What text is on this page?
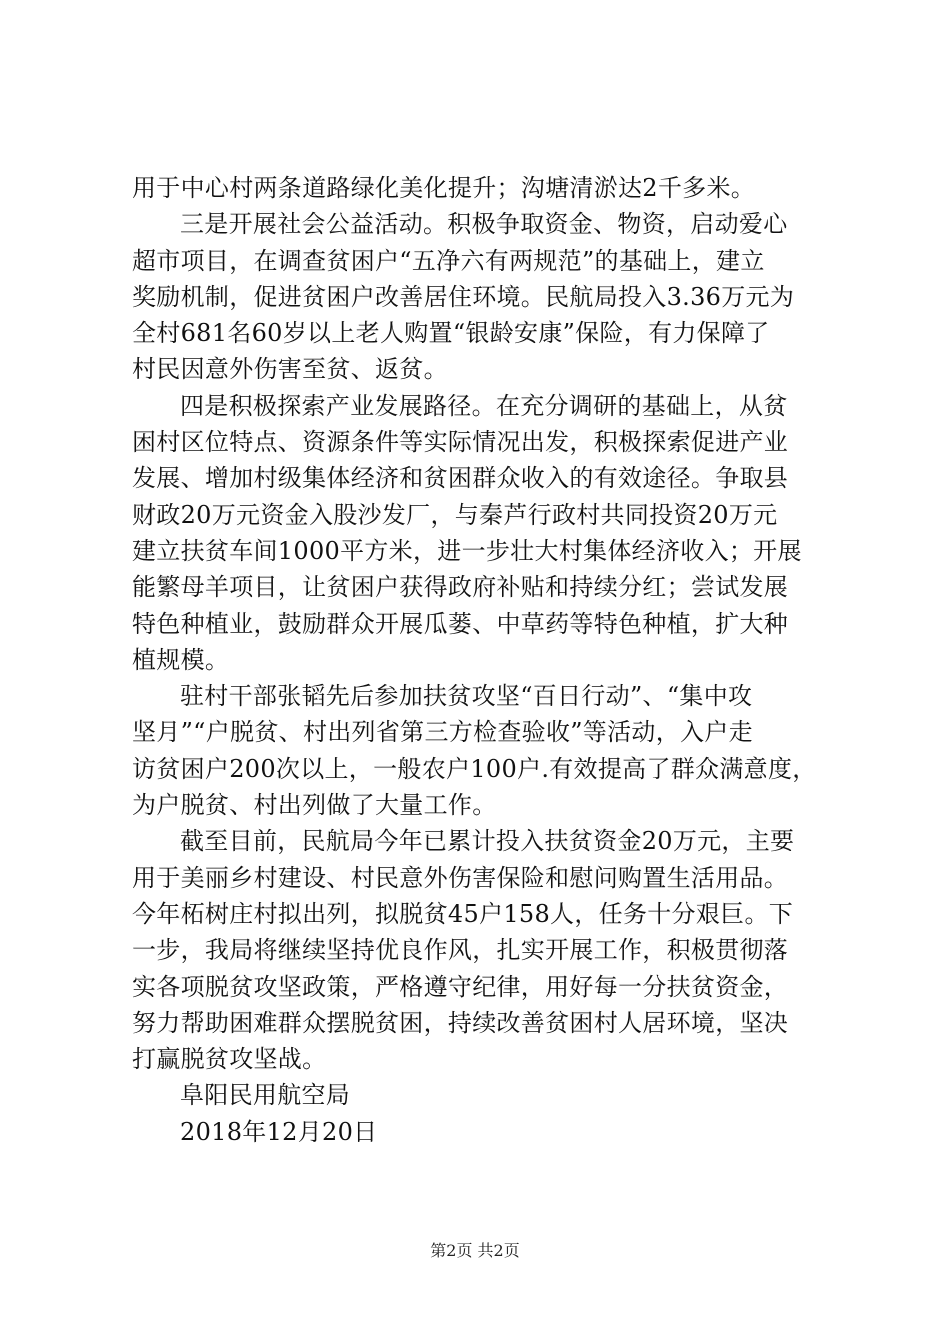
用于中心村两条道路绿化美化提升；沟塘清淤达2千多米。
三是开展社会公益活动。积极争取资金、物资，启动爱心
超市项目，在调查贫困户“五净六有两规范”的基础上，建立
奖励机制，促进贫困户改善居住环境。民航局投入3.36万元为
全村681名60岁以上老人购置“银龄安康”保险，有力保障了
村民因意外伤害至贫、返贫。
四是积极探索产业发展路径。在充分调研的基础上，从贫
困村区位特点、资源条件等实际情况出发，积极探索促进产业
发展、增加村级集体经济和贫困群众收入的有效途径。争取县
财政20万元资金入股沙发厂，与秦芦行政村共同投资20万元
建立扶贫车间1000平方米，进一步壮大村集体经济收入；开展
能繁母羊项目，让贫困户获得政府补贴和持续分红；尝试发展
特色种植业，鼓励群众开展瓜蒌、中草药等特色种植，扩大种
植规模。
驻村干部张韬先后参加扶贫攻坚“百日行动”、“集中攻
坚月”“户脱贫、村出列省第三方检查验收”等活动，入户走
访贫困户200次以上，一般农户100户.有效提高了群众满意度，
为户脱贫、村出列做了大量工作。
截至目前，民航局今年已累计投入扶贫资金20万元，主要
用于美丽乡村建设、村民意外伤害保险和慰问购置生活用品。
今年柘树庄村拟出列，拟脱贫45户158人，任务十分艰巨。下
一步，我局将继续坚持优良作风，扎实开展工作，积极贯彻落
实各项脱贫攻坚政策，严格遵守纪律，用好每一分扶贫资金，
努力帮助困难群众摆脱贫困，持续改善贫困村人居环境，坚决
打赢脱贫攻坚战。
阜阳民用航空局
2018年12月20日
第2页 共2页
